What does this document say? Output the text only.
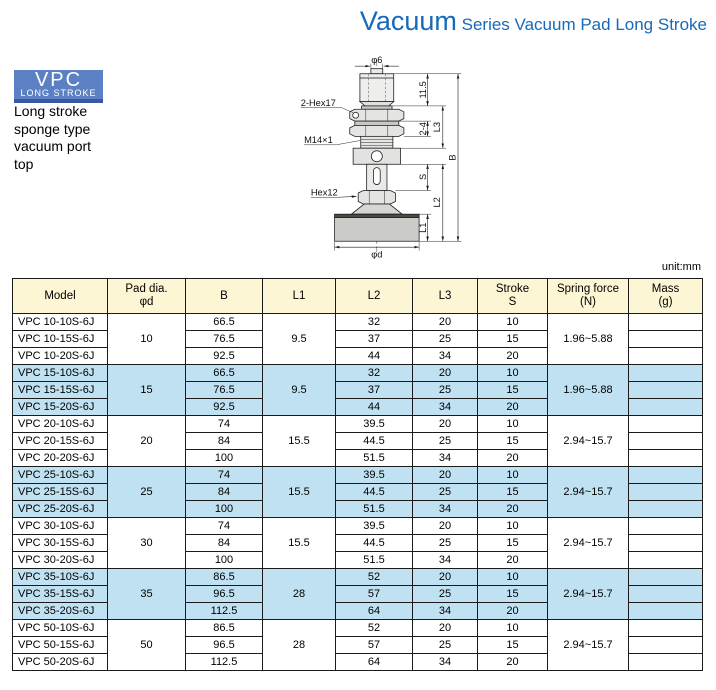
Vacuum Series Vacuum Pad Long Stroke
VPC
LONG STROKE
Long stroke
sponge type
vacuum port
top
φ6
11.5
2-Hex17
2-4 L3
M14×1
B
S
Hex12
L2
L1
φd
unit:mm
Model

Pad dia.
φd

B	L1	L2	L3

Stroke
S

Spring force
(N)

Mass
(g)

VPC 10-10S-6J	10	66.5	9.5	32	20	10	1.96~5.88	
VPC 10-15S-6J		76.5		37	25	15		
VPC 10-20S-6J		92.5		44	34	20		
VPC 15-10S-6J	15	66.5	9.5	32	20	10	1.96~5.88	
VPC 15-15S-6J		76.5		37	25	15		
VPC 15-20S-6J		92.5		44	34	20		
VPC 20-10S-6J	20	74	15.5	39.5	20	10	2.94~15.7	
VPC 20-15S-6J		84		44.5	25	15		
VPC 20-20S-6J		100		51.5	34	20		
VPC 25-10S-6J	25	74	15.5	39.5	20	10	2.94~15.7	
VPC 25-15S-6J		84		44.5	25	15		
VPC 25-20S-6J		100		51.5	34	20		
VPC 30-10S-6J	30	74	15.5	39.5	20	10	2.94~15.7	
VPC 30-15S-6J		84		44.5	25	15		
VPC 30-20S-6J		100		51.5	34	20		
VPC 35-10S-6J	35	86.5	28	52	20	10	2.94~15.7	
VPC 35-15S-6J		96.5		57	25	15		
VPC 35-20S-6J		112.5		64	34	20		
VPC 50-10S-6J	50	86.5	28	52	20	10	2.94~15.7	
VPC 50-15S-6J		96.5		57	25	15		
VPC 50-20S-6J		112.5		64	34	20		
